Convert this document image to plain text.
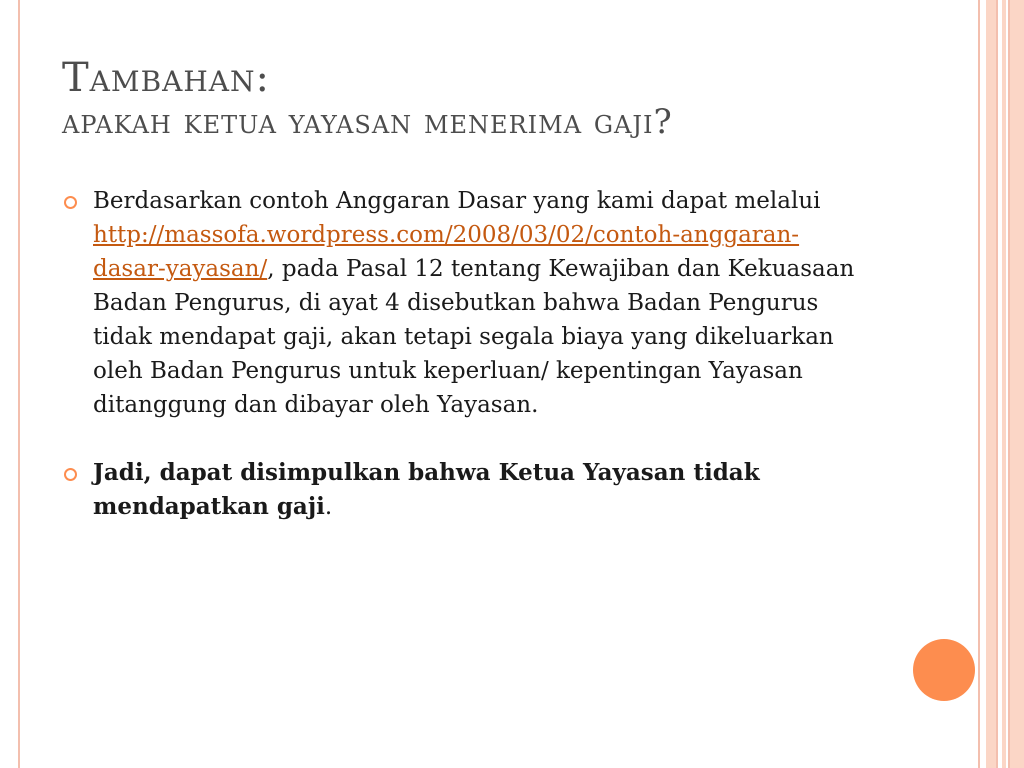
Tambahan:
apakah ketua yayasan menerima gaji?
Berdasarkan contoh Anggaran Dasar yang kami dapat melalui http://massofa.wordpress.com/2008/03/02/contoh-anggaran-dasar-yayasan/, pada Pasal 12 tentang Kewajiban dan Kekuasaan Badan Pengurus, di ayat 4 disebutkan bahwa Badan Pengurus tidak mendapat gaji, akan tetapi segala biaya yang dikeluarkan oleh Badan Pengurus untuk keperluan/ kepentingan Yayasan ditanggung dan dibayar oleh Yayasan.
Jadi, dapat disimpulkan bahwa Ketua Yayasan tidak mendapatkan gaji.
